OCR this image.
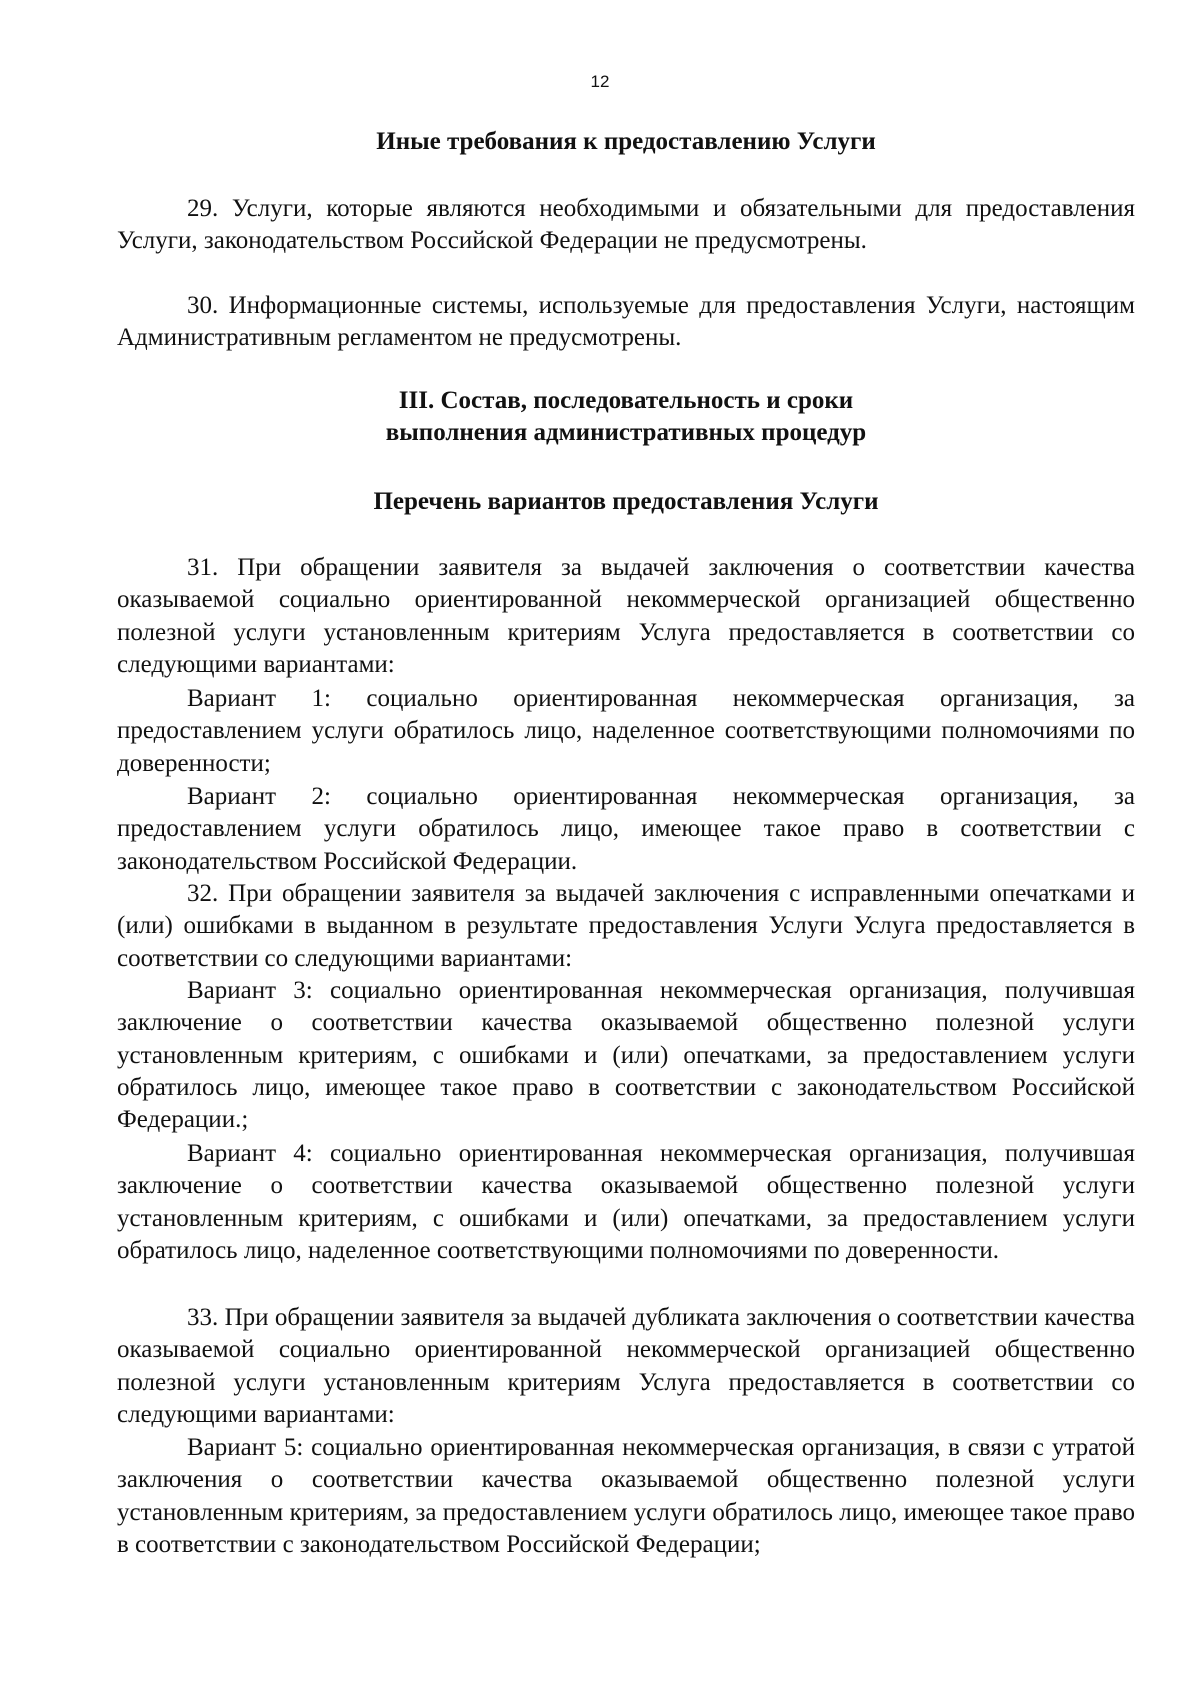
12
Иные требования к предоставлению Услуги
29. Услуги, которые являются необходимыми и обязательными для предоставления Услуги, законодательством Российской Федерации не предусмотрены.
30. Информационные системы, используемые для предоставления Услуги, настоящим Административным регламентом не предусмотрены.
III. Состав, последовательность и сроки
выполнения административных процедур
Перечень вариантов предоставления Услуги
31. При обращении заявителя за выдачей заключения о соответствии качества оказываемой социально ориентированной некоммерческой организацией общественно полезной услуги установленным критериям Услуга предоставляется в соответствии со следующими вариантами:
Вариант 1: социально ориентированная некоммерческая организация, за предоставлением услуги обратилось лицо, наделенное соответствующими полномочиями по доверенности;
Вариант 2: социально ориентированная некоммерческая организация, за предоставлением услуги обратилось лицо, имеющее такое право в соответствии с законодательством Российской Федерации.
32. При обращении заявителя за выдачей заключения с исправленными опечатками и (или) ошибками в выданном в результате предоставления Услуги Услуга предоставляется в соответствии со следующими вариантами:
Вариант 3: социально ориентированная некоммерческая организация, получившая заключение о соответствии качества оказываемой общественно полезной услуги установленным критериям, с ошибками и (или) опечатками, за предоставлением услуги обратилось лицо, имеющее такое право в соответствии с законодательством Российской Федерации.;
Вариант 4: социально ориентированная некоммерческая организация, получившая заключение о соответствии качества оказываемой общественно полезной услуги установленным критериям, с ошибками и (или) опечатками, за предоставлением услуги обратилось лицо, наделенное соответствующими полномочиями по доверенности.
33. При обращении заявителя за выдачей дубликата заключения о соответствии качества оказываемой социально ориентированной некоммерческой организацией общественно полезной услуги установленным критериям Услуга предоставляется в соответствии со следующими вариантами:
Вариант 5: социально ориентированная некоммерческая организация, в связи с утратой заключения о соответствии качества оказываемой общественно полезной услуги установленным критериям, за предоставлением услуги обратилось лицо, имеющее такое право в соответствии с законодательством Российской Федерации;
